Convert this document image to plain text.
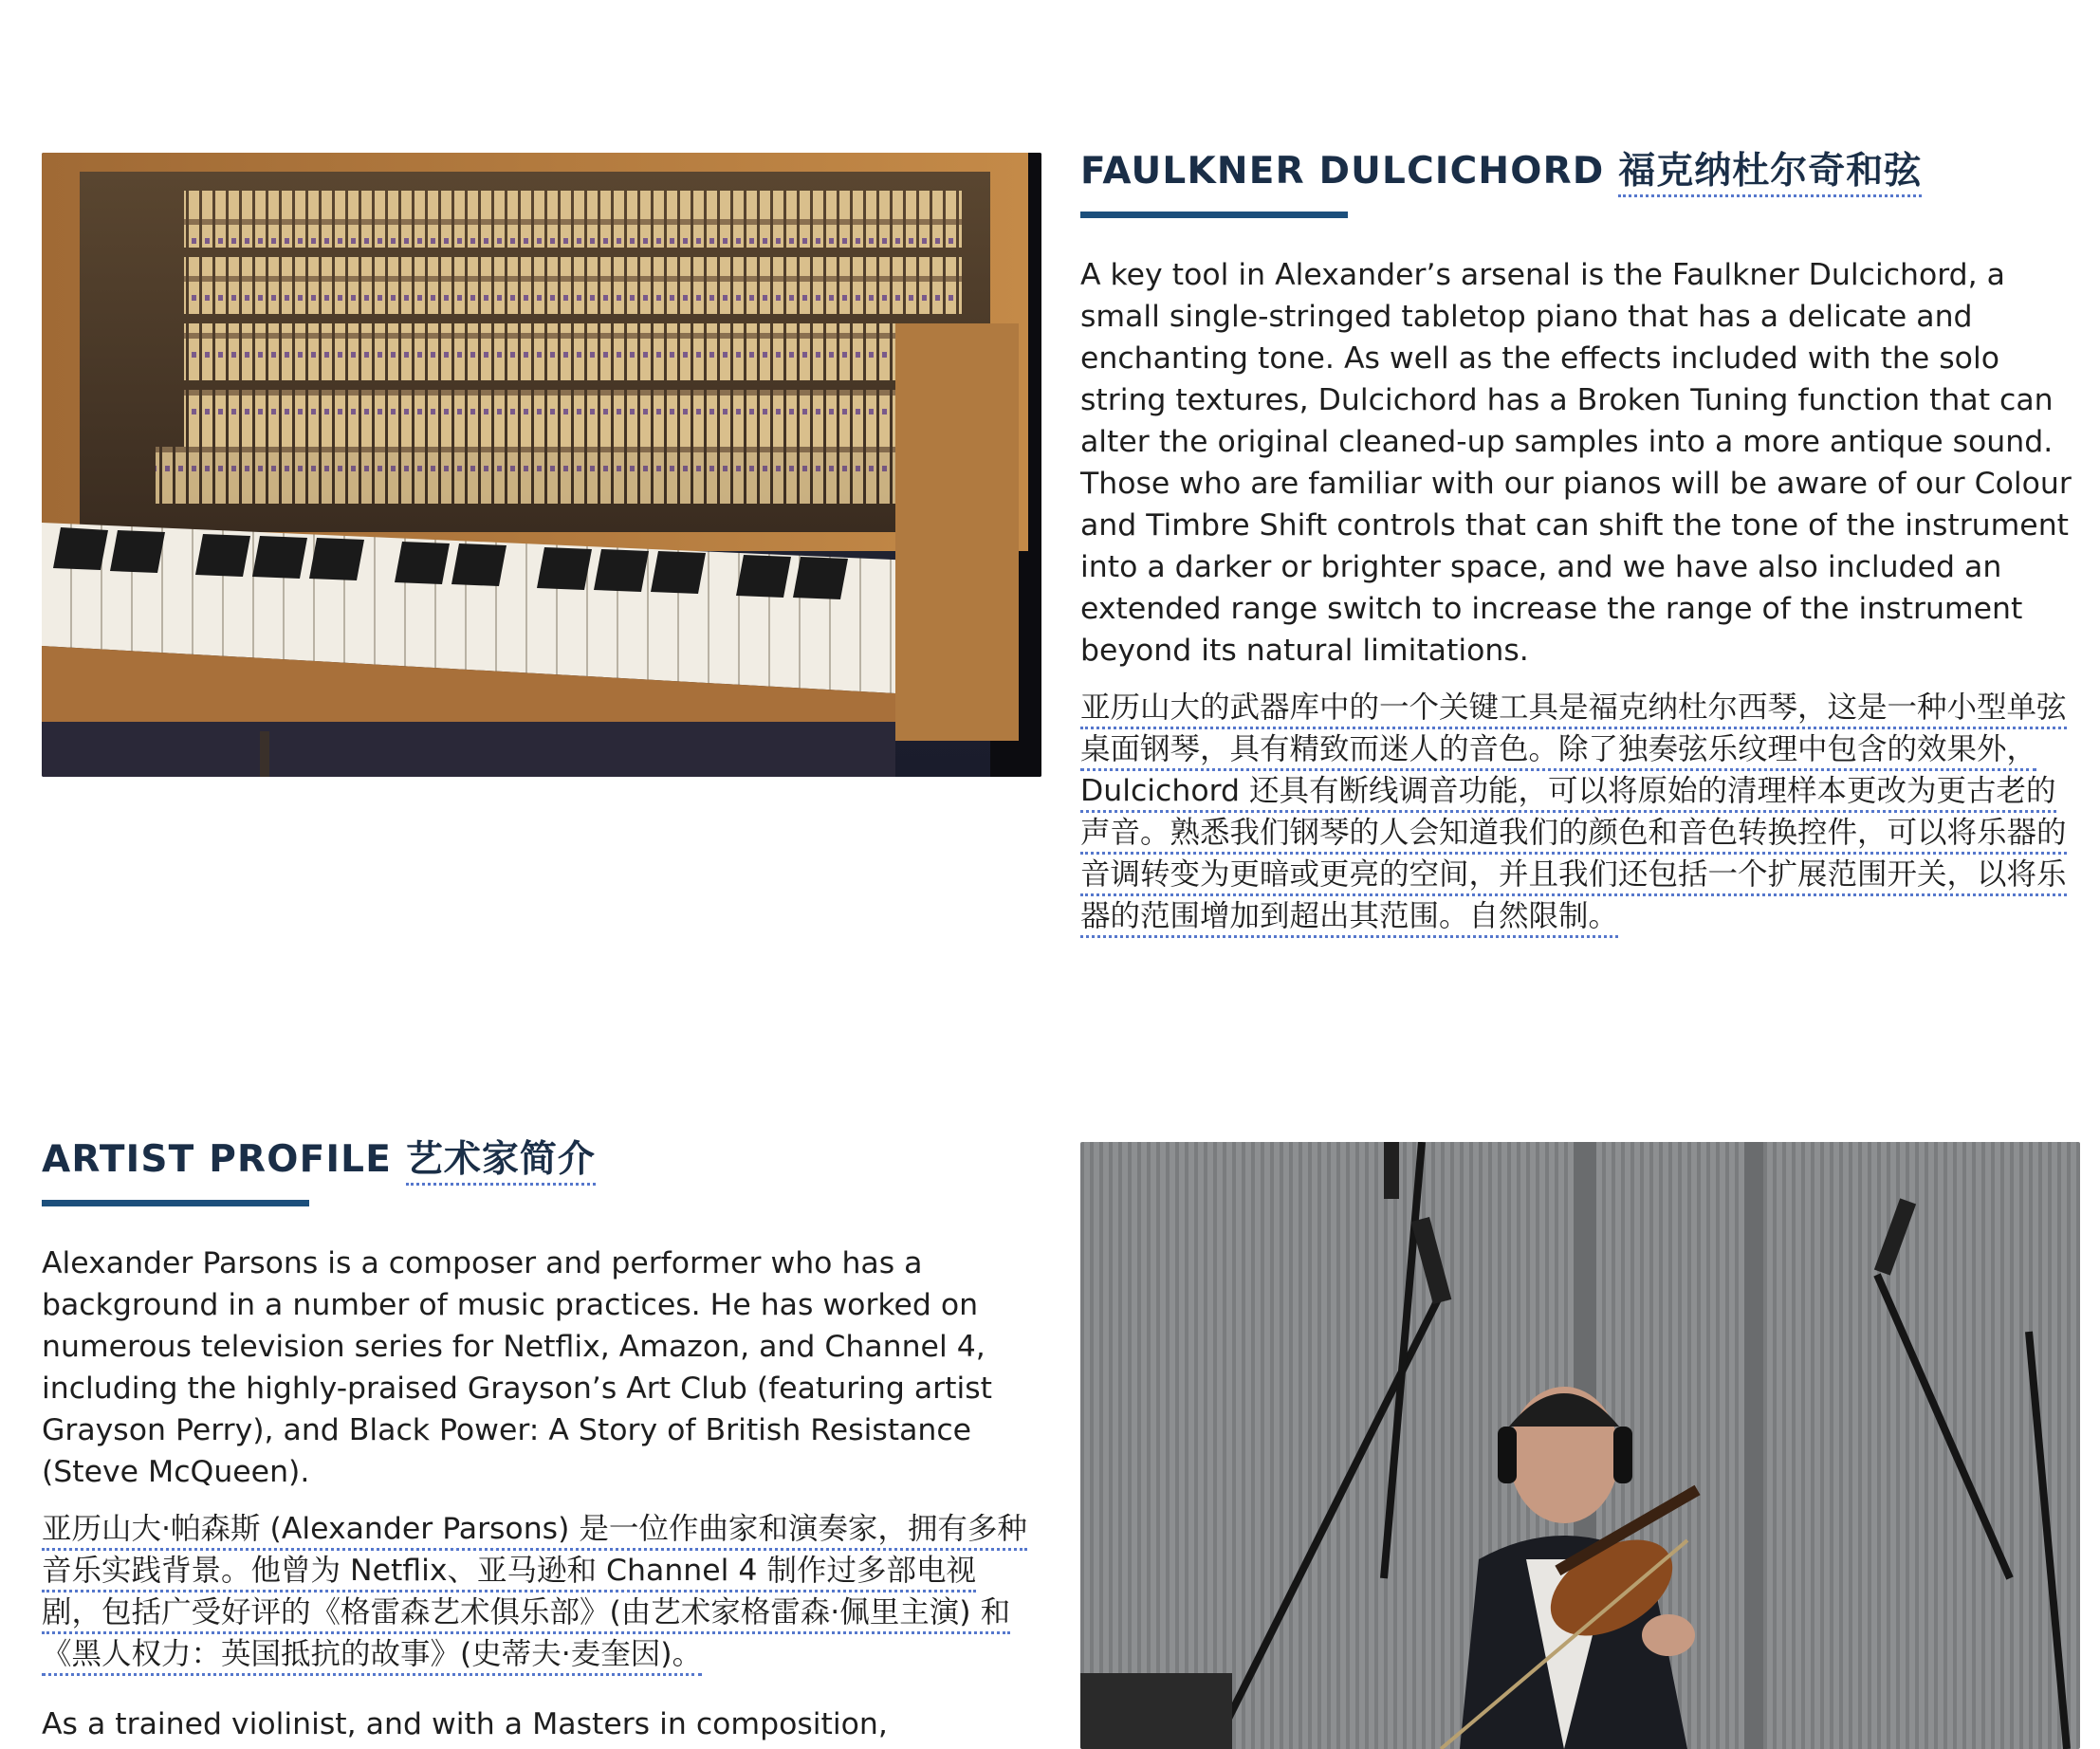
FAULKNER DULCICHORD 福克纳杜尔奇和弦

A key tool in Alexander’s arsenal is the Faulkner Dulcichord, a small single-stringed tabletop piano that has a delicate and enchanting tone. As well as the effects included with the solo string textures, Dulcichord has a Broken Tuning function that can alter the original cleaned-up samples into a more antique sound. Those who are familiar with our pianos will be aware of our Colour and Timbre Shift controls that can shift the tone of the instrument into a darker or brighter space, and we have also included an extended range switch to increase the range of the instrument beyond its natural limitations.

亚历山大的武器库中的一个关键工具是福克纳杜尔西琴，这是一种小型单弦桌面钢琴，具有精致而迷人的音色。除了独奏弦乐纹理中包含的效果外，Dulcichord 还具有断线调音功能，可以将原始的清理样本更改为更古老的声音。熟悉我们钢琴的人会知道我们的颜色和音色转换控件，可以将乐器的音调转变为更暗或更亮的空间，并且我们还包括一个扩展范围开关，以将乐器的范围增加到超出其范围。自然限制。

ARTIST PROFILE 艺术家简介

Alexander Parsons is a composer and performer who has a background in a number of music practices. He has worked on numerous television series for Netflix, Amazon, and Channel 4, including the highly-praised Grayson’s Art Club (featuring artist Grayson Perry), and Black Power: A Story of British Resistance (Steve McQueen).

亚历山大·帕森斯 (Alexander Parsons) 是一位作曲家和演奏家，拥有多种音乐实践背景。他曾为 Netflix、亚马逊和 Channel 4 制作过多部电视剧，包括广受好评的《格雷森艺术俱乐部》(由艺术家格雷森·佩里主演) 和《黑人权力：英国抵抗的故事》(史蒂夫·麦奎因)。

As a trained violinist, and with a Masters in composition,
